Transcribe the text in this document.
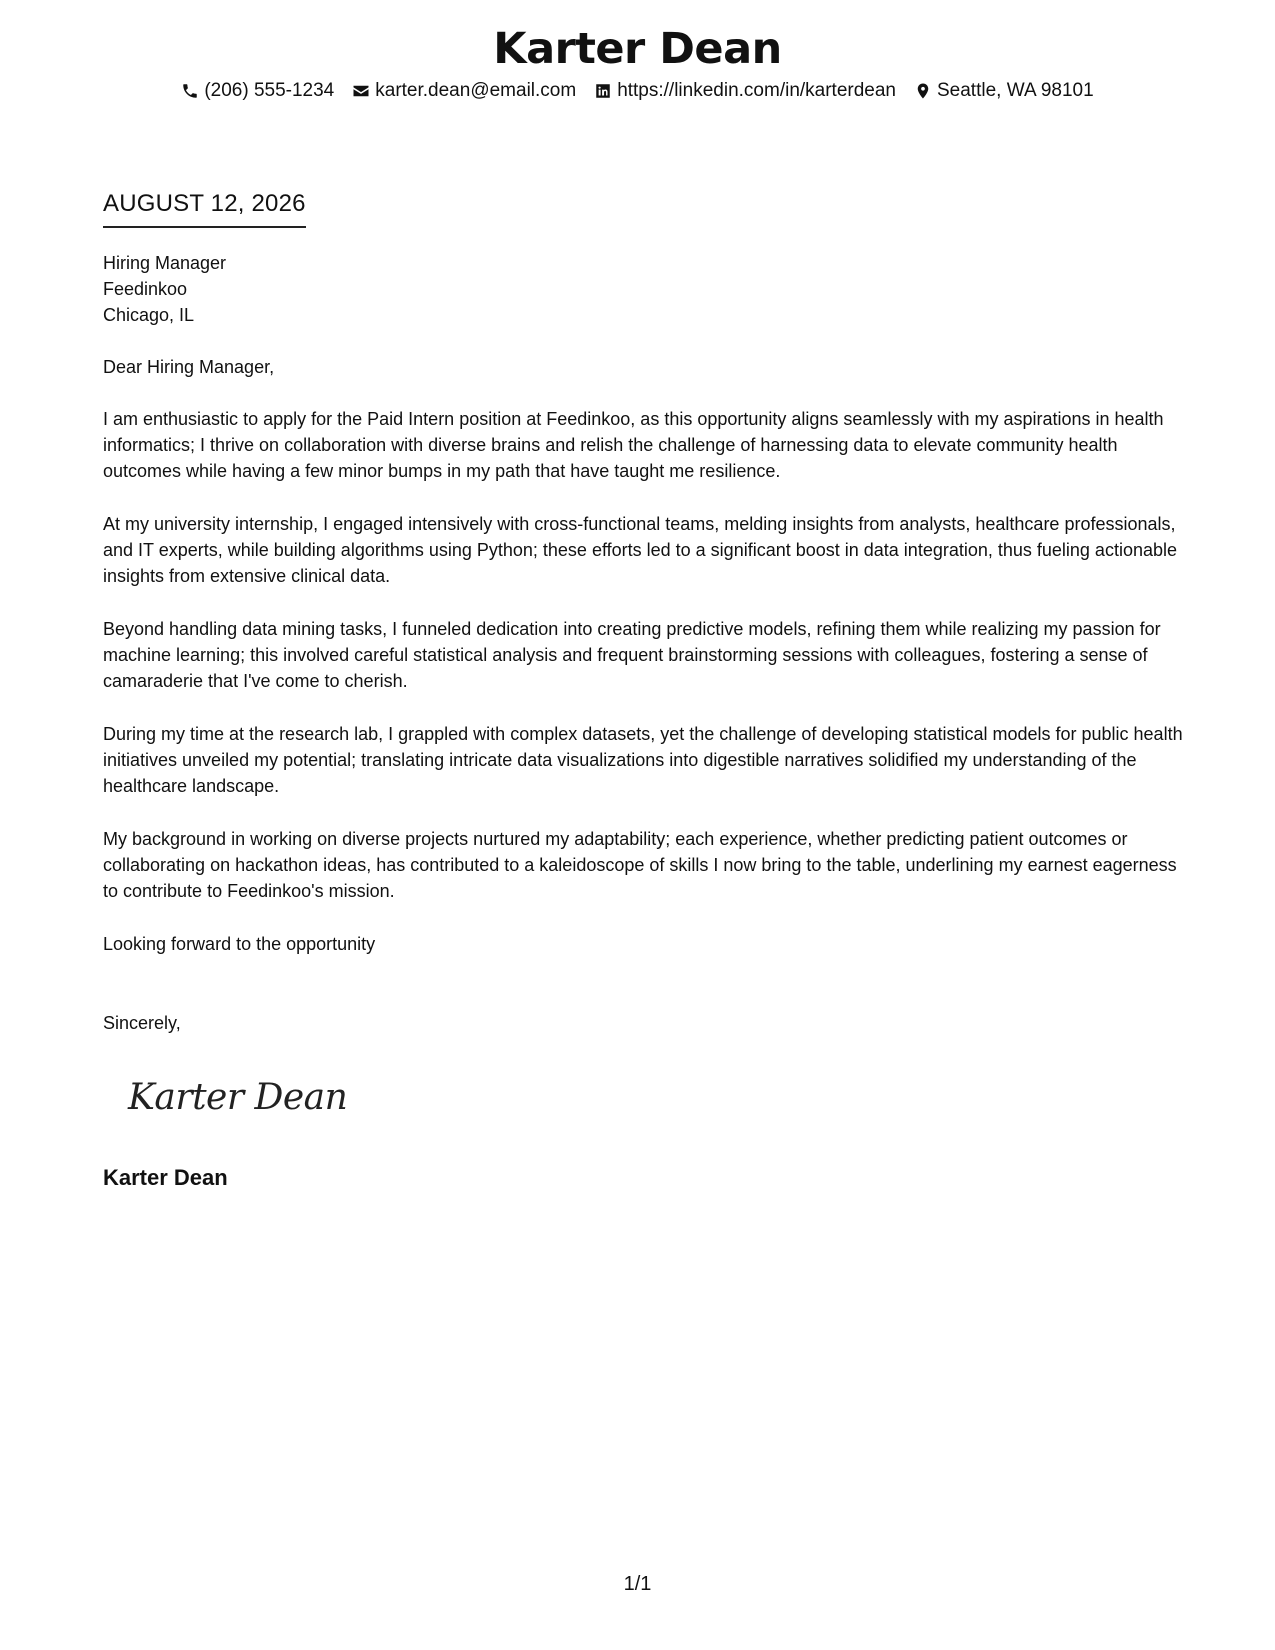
Karter Dean
(206) 555-1234 karter.dean@email.com https://linkedin.com/in/karterdean Seattle, WA 98101
AUGUST 12, 2026
Hiring Manager
Feedinkoo
Chicago, IL

Dear Hiring Manager,

I am enthusiastic to apply for the Paid Intern position at Feedinkoo, as this opportunity aligns seamlessly with my aspirations in health informatics; I thrive on collaboration with diverse brains and relish the challenge of harnessing data to elevate community health outcomes while having a few minor bumps in my path that have taught me resilience.

At my university internship, I engaged intensively with cross-functional teams, melding insights from analysts, healthcare professionals, and IT experts, while building algorithms using Python; these efforts led to a significant boost in data integration, thus fueling actionable insights from extensive clinical data.

Beyond handling data mining tasks, I funneled dedication into creating predictive models, refining them while realizing my passion for machine learning; this involved careful statistical analysis and frequent brainstorming sessions with colleagues, fostering a sense of camaraderie that I've come to cherish.

During my time at the research lab, I grappled with complex datasets, yet the challenge of developing statistical models for public health initiatives unveiled my potential; translating intricate data visualizations into digestible narratives solidified my understanding of the healthcare landscape.

My background in working on diverse projects nurtured my adaptability; each experience, whether predicting patient outcomes or collaborating on hackathon ideas, has contributed to a kaleidoscope of skills I now bring to the table, underlining my earnest eagerness to contribute to Feedinkoo's mission.

Looking forward to the opportunity

Sincerely,

Karter Dean
Karter Dean
1/1
